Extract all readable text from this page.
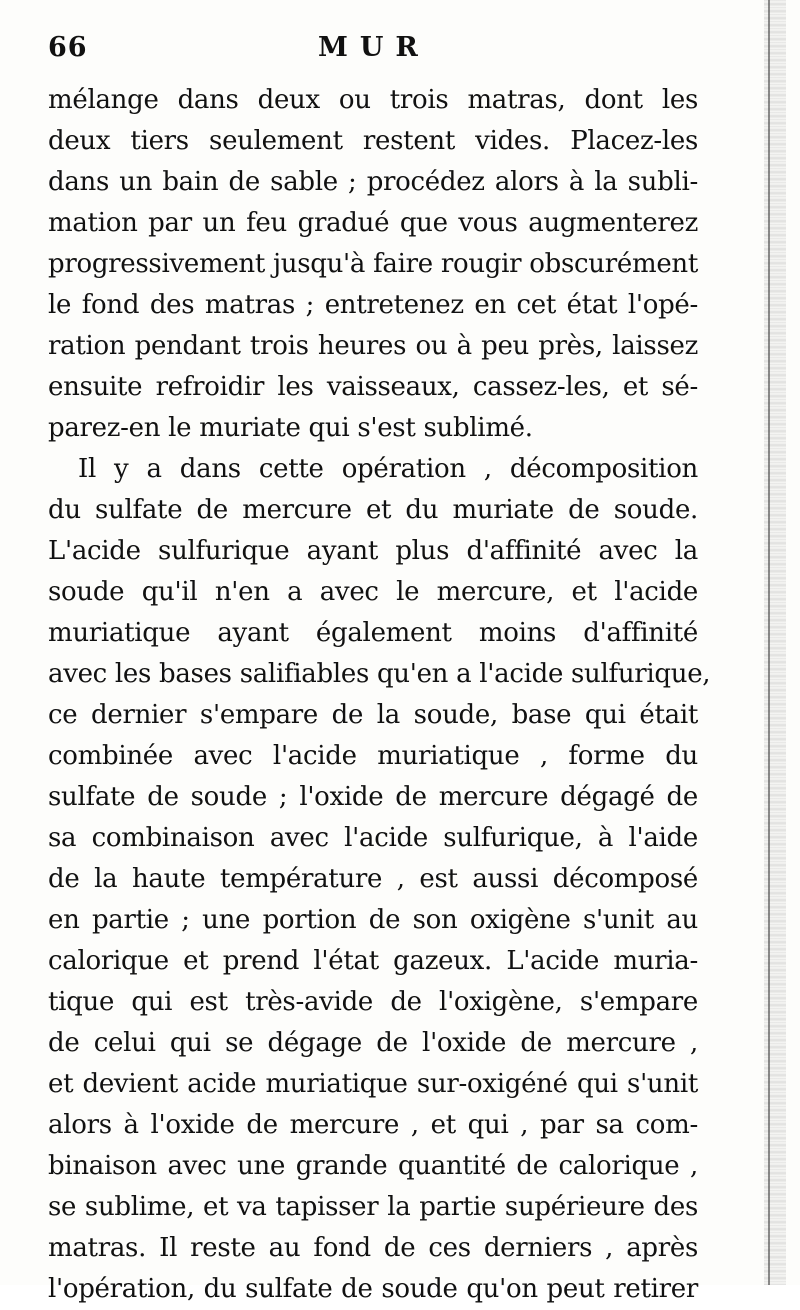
66	MUR
mélange dans deux ou trois matras, dont les
deux tiers seulement restent vides. Placez-les
dans un bain de sable ; procédez alors à la subli-
mation par un feu gradué que vous augmenterez
progressivement jusqu'à faire rougir obscurément
le fond des matras ; entretenez en cet état l'opé-
ration pendant trois heures ou à peu près, laissez
ensuite refroidir les vaisseaux, cassez-les, et sé-
parez-en le muriate qui s'est sublimé.
Il y a dans cette opération , décomposition
du sulfate de mercure et du muriate de soude.
L'acide sulfurique ayant plus d'affinité avec la
soude qu'il n'en a avec le mercure, et l'acide
muriatique ayant également moins d'affinité
avec les bases salifiables qu'en a l'acide sulfurique,
ce dernier s'empare de la soude, base qui était
combinée avec l'acide muriatique , forme du
sulfate de soude ; l'oxide de mercure dégagé de
sa combinaison avec l'acide sulfurique, à l'aide
de la haute température , est aussi décomposé
en partie ; une portion de son oxigène s'unit au
calorique et prend l'état gazeux. L'acide muria-
tique qui est très-avide de l'oxigène, s'empare
de celui qui se dégage de l'oxide de mercure ,
et devient acide muriatique sur-oxigéné qui s'unit
alors à l'oxide de mercure , et qui , par sa com-
binaison avec une grande quantité de calorique ,
se sublime, et va tapisser la partie supérieure des
matras. Il reste au fond de ces derniers , après
l'opération, du sulfate de soude qu'on peut retirer
